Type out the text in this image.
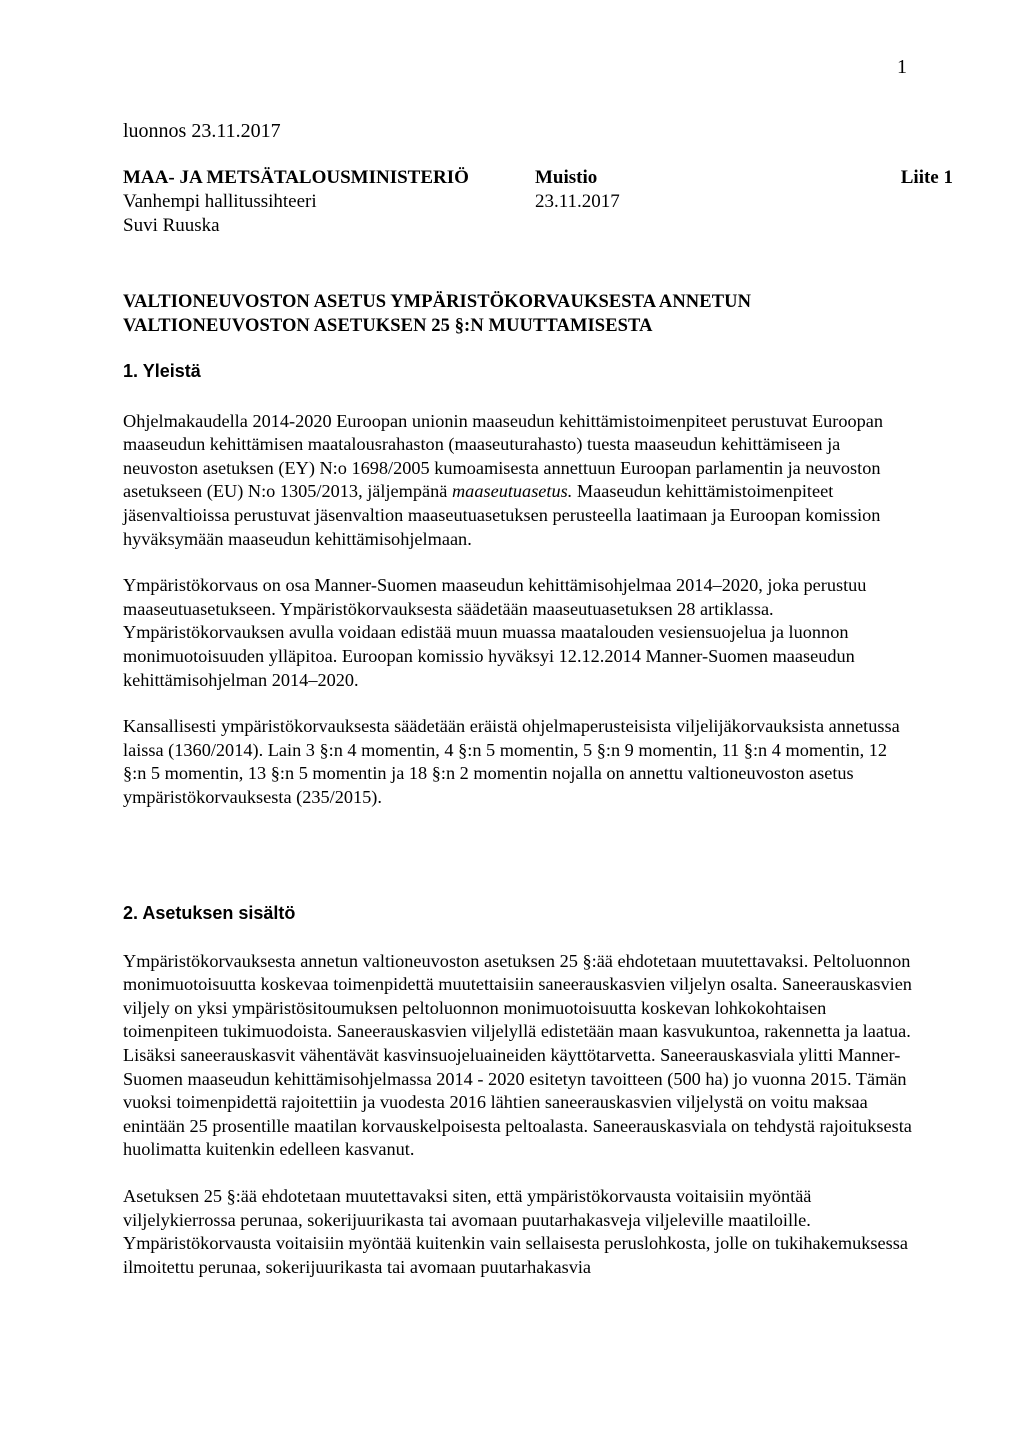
1
luonnos 23.11.2017
MAA- JA METSÄTALOUSMINISTERIÖ	Muistio	Liite 1
Vanhempi hallitussihteeri	23.11.2017
Suvi Ruuska
VALTIONEUVOSTON ASETUS YMPÄRISTÖKORVAUKSESTA ANNETUN
VALTIONEUVOSTON ASETUKSEN 25 §:N MUUTTAMISESTA
1. Yleistä

Ohjelmakaudella 2014-2020 Euroopan unionin maaseudun kehittämistoimenpiteet perustuvat Euroopan maaseudun kehittämisen maatalousrahaston (maaseuturahasto) tuesta maaseudun kehittämiseen ja neuvoston asetuksen (EY) N:o 1698/2005 kumoamisesta annettuun Euroopan parlamentin ja neuvoston asetukseen (EU) N:o 1305/2013, jäljempänä maaseutuasetus. Maaseudun kehittämistoimenpiteet jäsenvaltioissa perustuvat jäsenvaltion maaseutuasetuksen perusteella laatimaan ja Euroopan komission hyväksymään maaseudun kehittämisohjelmaan.

Ympäristökorvaus on osa Manner-Suomen maaseudun kehittämisohjelmaa 2014–2020, joka perustuu maaseutuasetukseen. Ympäristökorvauksesta säädetään maaseutuasetuksen 28 artiklassa. Ympäristökorvauksen avulla voidaan edistää muun muassa maatalouden vesiensuojelua ja luonnon monimuotoisuuden ylläpitoa. Euroopan komissio hyväksyi 12.12.2014 Manner-Suomen maaseudun kehittämisohjelman 2014–2020.

Kansallisesti ympäristökorvauksesta säädetään eräistä ohjelmaperusteisista viljelijäkorvauksista annetussa laissa (1360/2014). Lain 3 §:n 4 momentin, 4 §:n 5 momentin, 5 §:n 9 momentin, 11 §:n 4 momentin, 12 §:n 5 momentin, 13 §:n 5 momentin ja 18 §:n 2 momentin nojalla on annettu valtioneuvoston asetus ympäristökorvauksesta (235/2015).

2. Asetuksen sisältö

Ympäristökorvauksesta annetun valtioneuvoston asetuksen 25 §:ää ehdotetaan muutettavaksi. Peltoluonnon monimuotoisuutta koskevaa toimenpidettä muutettaisiin saneerauskasvien viljelyn osalta. Saneerauskasvien viljely on yksi ympäristösitoumuksen peltoluonnon monimuotoisuutta koskevan lohkokohtaisen toimenpiteen tukimuodoista. Saneerauskasvien viljelyllä edistetään maan kasvukuntoa, rakennetta ja laatua. Lisäksi saneerauskasvit vähentävät kasvinsuojeluaineiden käyttötarvetta. Saneerauskasviala ylitti Manner-Suomen maaseudun kehittämisohjelmassa 2014 - 2020 esitetyn tavoitteen (500 ha) jo vuonna 2015. Tämän vuoksi toimenpidettä rajoitettiin ja vuodesta 2016 lähtien saneerauskasvien viljelystä on voitu maksaa enintään 25 prosentille maatilan korvauskelpoisesta peltoalasta. Saneerauskasviala on tehdystä rajoituksesta huolimatta kuitenkin edelleen kasvanut.

Asetuksen 25 §:ää ehdotetaan muutettavaksi siten, että ympäristökorvausta voitaisiin myöntää viljelykierrossa perunaa, sokerijuurikasta tai avomaan puutarhakasveja viljeleville maatiloille. Ympäristökorvausta voitaisiin myöntää kuitenkin vain sellaisesta peruslohkosta, jolle on tukihakemuksessa ilmoitettu perunaa, sokerijuurikasta tai avomaan puutarhakasvia
